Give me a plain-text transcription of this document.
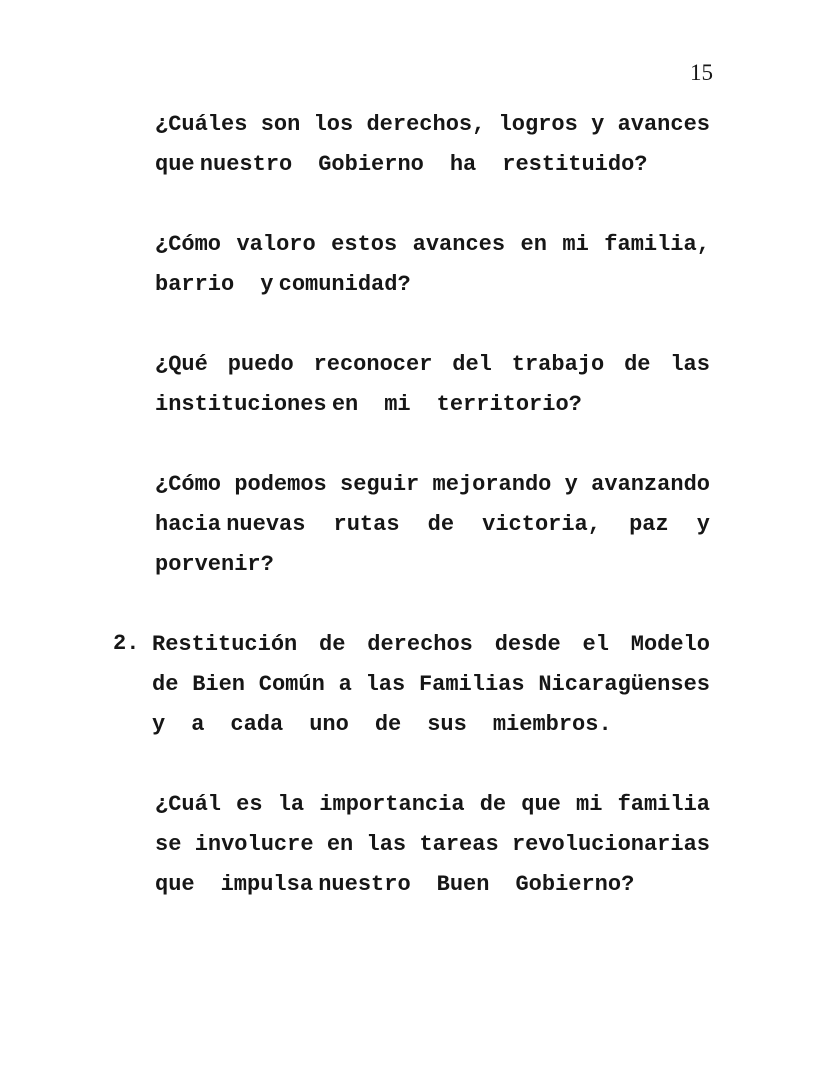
15
¿Cuáles son los derechos, logros y avances
que nuestro Gobierno ha restituido?
¿Cómo valoro estos avances en mi familia,
barrio y comunidad?
¿Qué puedo reconocer del trabajo de las
instituciones en mi territorio?
¿Cómo podemos seguir mejorando y avanzando
hacia nuevas rutas de victoria, paz y
porvenir?
2. Restitución de derechos desde el Modelo
de Bien Común a las Familias Nicaragüenses
y a cada uno de sus miembros.
¿Cuál es la importancia de que mi familia
se involucre en las tareas revolucionarias
que impulsa nuestro Buen Gobierno?
